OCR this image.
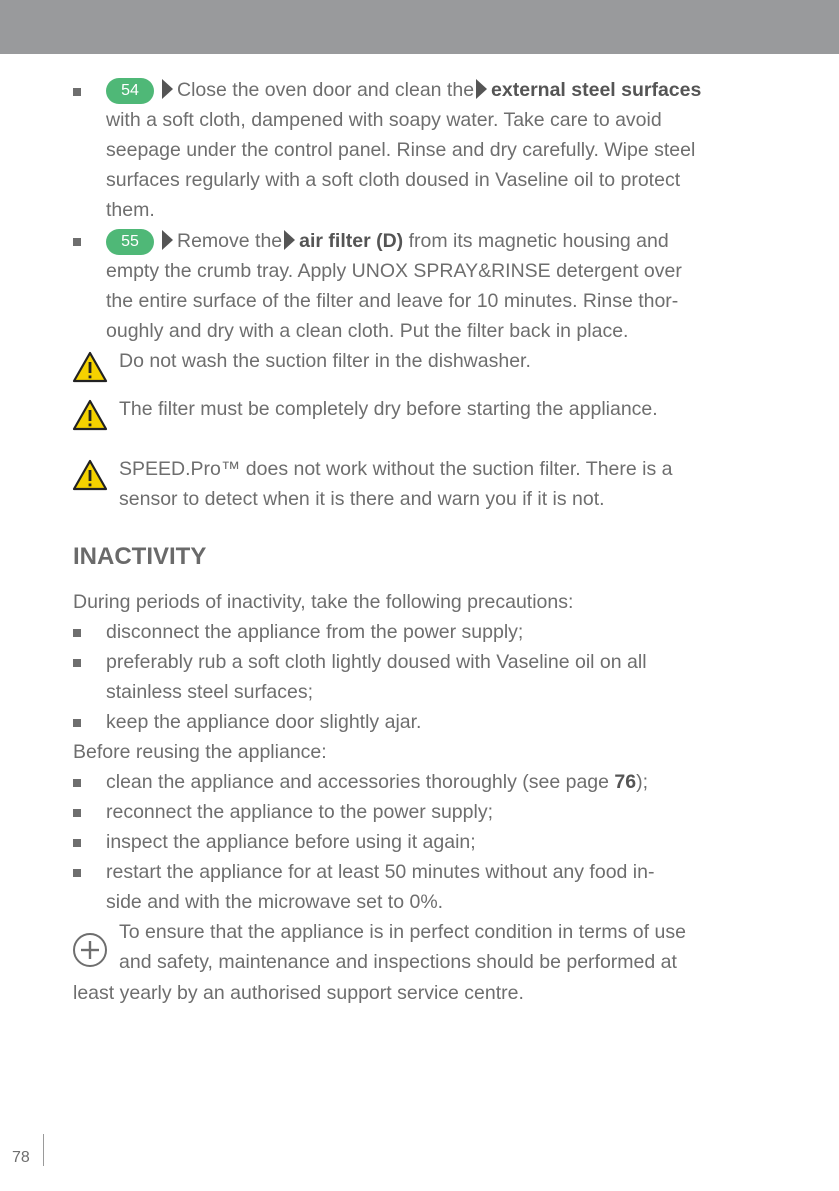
54 Close the oven door and clean the external steel surfaces
with a soft cloth, dampened with soapy water. Take care to avoid
seepage under the control panel. Rinse and dry carefully. Wipe steel
surfaces regularly with a soft cloth doused in Vaseline oil to protect
them.
55 Remove the air filter (D) from its magnetic housing and
empty the crumb tray. Apply UNOX SPRAY&RINSE detergent over
the entire surface of the filter and leave for 10 minutes. Rinse thor-
oughly and dry with a clean cloth. Put the filter back in place.
Do not wash the suction filter in the dishwasher.
The filter must be completely dry before starting the appliance.
SPEED.Pro™ does not work without the suction filter. There is a
sensor to detect when it is there and warn you if it is not.
INACTIVITY
During periods of inactivity, take the following precautions:
disconnect the appliance from the power supply;
preferably rub a soft cloth lightly doused with Vaseline oil on all
stainless steel surfaces;
keep the appliance door slightly ajar.
Before reusing the appliance:
clean the appliance and accessories thoroughly (see page 76);
reconnect the appliance to the power supply;
inspect the appliance before using it again;
restart the appliance for at least 50 minutes without any food in-
side and with the microwave set to 0%.
To ensure that the appliance is in perfect condition in terms of use
and safety, maintenance and inspections should be performed at
least yearly by an authorised support service centre.
78
